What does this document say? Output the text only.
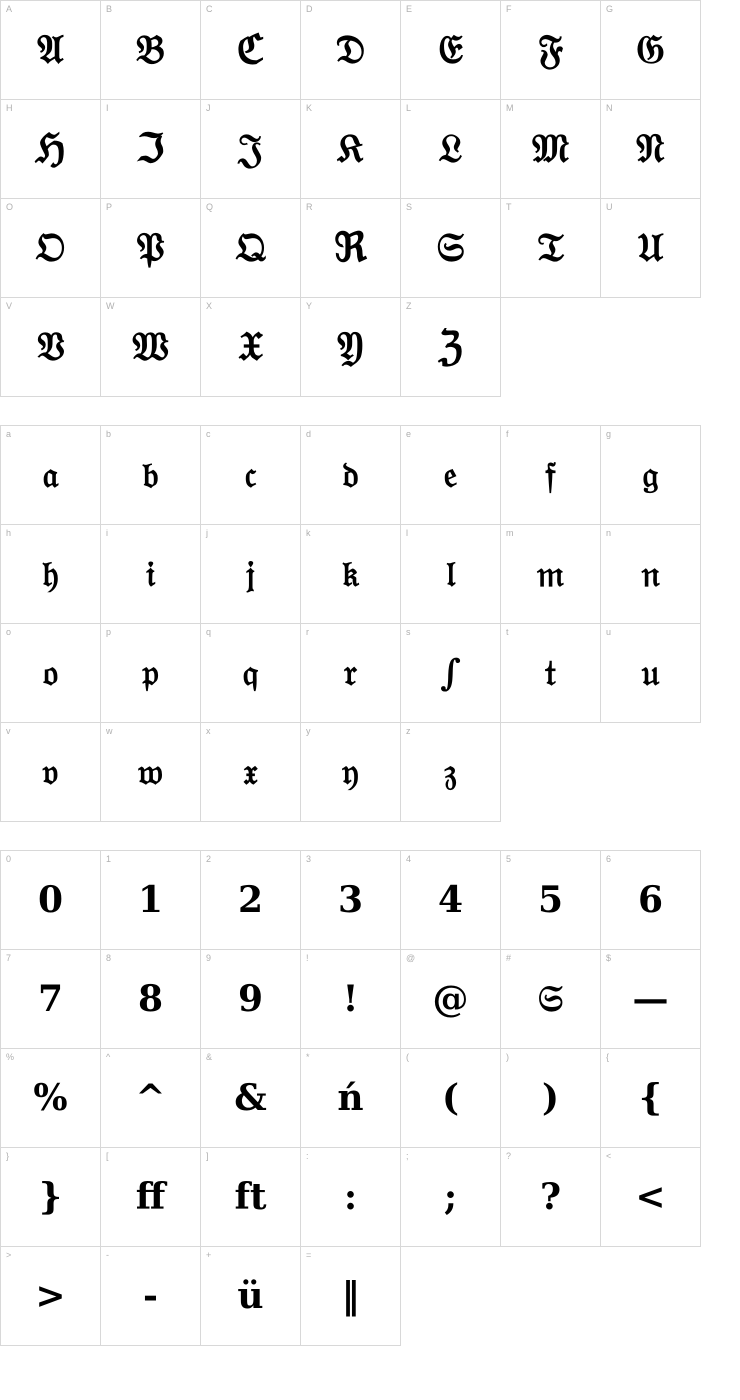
A
𝔄
B
𝔅
C
ℭ
D
𝔇
E
𝔈
F
𝔉
G
𝔊
H
ℌ
I
ℑ
J
𝔍
K
𝔎
L
𝔏
M
𝔐
N
𝔑
O
𝔒
P
𝔓
Q
𝔔
R
ℜ
S
𝔖
T
𝔗
U
𝔘
V
𝔙
W
𝔚
X
𝔛
Y
𝔜
Z
ℨ
a
𝔞
b
𝔟
c
𝔠
d
𝔡
e
𝔢
f
𝔣
g
𝔤
h
𝔥
i
𝔦
j
𝔧
k
𝔨
l
𝔩
m
𝔪
n
𝔫
o
𝔬
p
𝔭
q
𝔮
r
𝔯
s
∫
t
𝔱
u
𝔲
v
𝔳
w
𝔴
x
𝔵
y
𝔶
z
𝔷
0
0
1
1
2
2
3
3
4
4
5
5
6
6
7
7
8
8
9
9
!
!
@
@
#
𝔖
$
—
%
%
^
^
&
&
*
ń
(
(
)
)
{
{
}
}
[
ff
]
ft
:
:
;
;
?
?
<
<
>
>
-
-
+
ü
=
‖
